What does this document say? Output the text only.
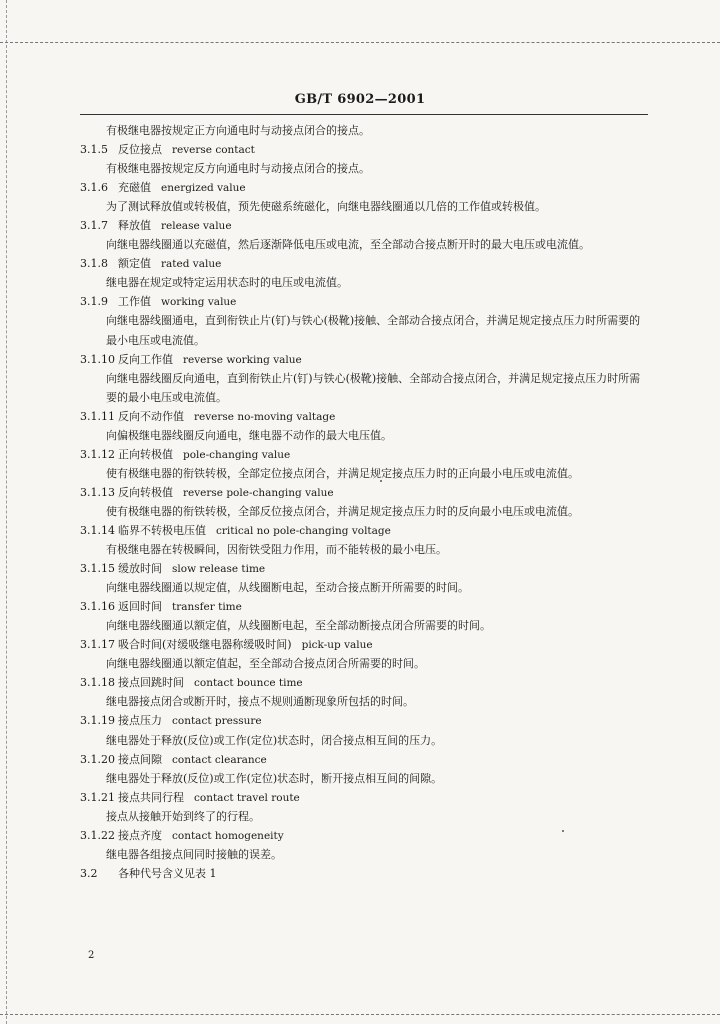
GB/T 6902—2001
有极继电器按规定正方向通电时与动接点闭合的接点。
3.1.5 反位接点 reverse contact
有极继电器按规定反方向通电时与动接点闭合的接点。
3.1.6 充磁值 energized value
为了测试释放值或转极值，预先使磁系统磁化，向继电器线圈通以几倍的工作值或转极值。
3.1.7 释放值 release value
向继电器线圈通以充磁值，然后逐渐降低电压或电流，至全部动合接点断开时的最大电压或电流值。
3.1.8 额定值 rated value
继电器在规定或特定运用状态时的电压或电流值。
3.1.9 工作值 working value
向继电器线圈通电，直到衔铁止片(钉)与铁心(极靴)接触、全部动合接点闭合，并满足规定接点压力时所需要的最小电压或电流值。
3.1.10 反向工作值 reverse working value
向继电器线圈反向通电，直到衔铁止片(钉)与铁心(极靴)接触、全部动合接点闭合，并满足规定接点压力时所需要的最小电压或电流值。
3.1.11 反向不动作值 reverse no-moving valtage
向偏极继电器线圈反向通电，继电器不动作的最大电压值。
3.1.12 正向转极值 pole-changing value
使有极继电器的衔铁转极，全部定位接点闭合，并满足规定接点压力时的正向最小电压或电流值。
3.1.13 反向转极值 reverse pole-changing value
使有极继电器的衔铁转极，全部反位接点闭合，并满足规定接点压力时的反向最小电压或电流值。
3.1.14 临界不转极电压值 critical no pole-changing voltage
有极继电器在转极瞬间，因衔铁受阻力作用，而不能转极的最小电压。
3.1.15 缓放时间 slow release time
向继电器线圈通以规定值，从线圈断电起，至动合接点断开所需要的时间。
3.1.16 返回时间 transfer time
向继电器线圈通以额定值，从线圈断电起，至全部动断接点闭合所需要的时间。
3.1.17 吸合时间(对缓吸继电器称缓吸时间) pick-up value
向继电器线圈通以额定值起，至全部动合接点闭合所需要的时间。
3.1.18 接点回跳时间 contact bounce time
继电器接点闭合或断开时，接点不规则通断现象所包括的时间。
3.1.19 接点压力 contact pressure
继电器处于释放(反位)或工作(定位)状态时，闭合接点相互间的压力。
3.1.20 接点间隙 contact clearance
继电器处于释放(反位)或工作(定位)状态时，断开接点相互间的间隙。
3.1.21 接点共同行程 contact travel route
接点从接触开始到终了的行程。
3.1.22 接点齐度 contact homogeneity
继电器各组接点间同时接触的误差。
3.2 各种代号含义见表 1
2
